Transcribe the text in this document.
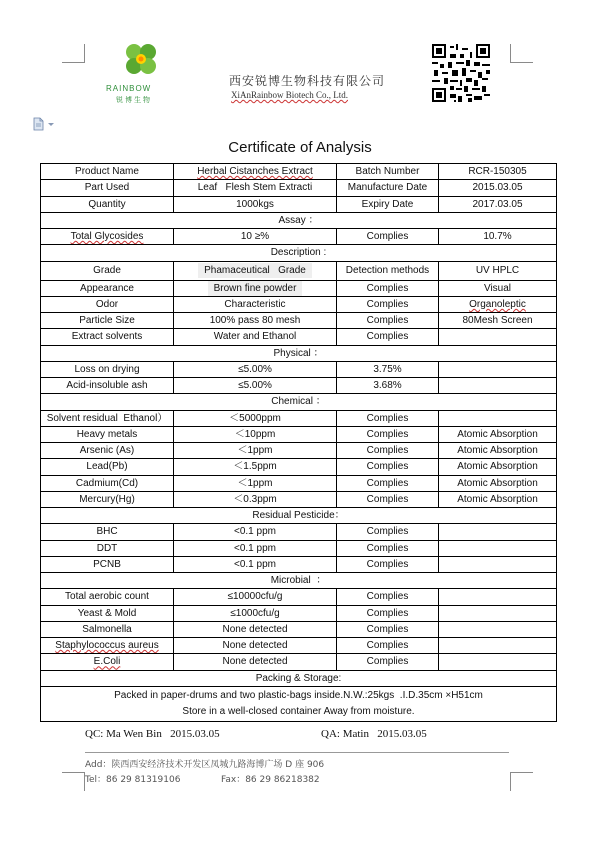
RAINBOW
锐博生物
西安锐博生物科技有限公司
XiAnRainbow Biotech Co., Ltd.
Certificate of Analysis
Product Name	Herbal Cistanches Extract	Batch Number	RCR-150305
Part Used	Leaf   Flesh Stem Extracti	Manufacture Date	2015.03.05
Quantity	1000kgs	Expiry Date	2017.03.05
Assay ：			
Total Glycosides	10 ≥%	Complies	10.7%
Description :			
Grade	Phamaceutical   Grade	Detection methods	UV HPLC
Appearance	Brown fine powder	Complies	Visual
Odor	Characteristic	Complies	Organoleptic
Particle Size	100% pass 80 mesh	Complies	80Mesh Screen
Extract solvents	Water and Ethanol	Complies	
Physical ：			
Loss on drying	≤5.00%	3.75%	
Acid-insoluble ash	≤5.00%	3.68%	
Chemical ：			
Solvent residual  Ethanol）	＜5000ppm	Complies	
Heavy metals	＜10ppm	Complies	Atomic Absorption
Arsenic (As)	＜1ppm	Complies	Atomic Absorption
Lead(Pb)	＜1.5ppm	Complies	Atomic Absorption
Cadmium(Cd)	＜1ppm	Complies	Atomic Absorption
Mercury(Hg)	＜0.3ppm	Complies	Atomic Absorption
Residual Pesticide：			
BHC	<0.1 ppm	Complies	
DDT	<0.1 ppm	Complies	
PCNB	<0.1 ppm	Complies	
Microbial  ：			
Total aerobic count	≤10000cfu/g	Complies	
Yeast & Mold	≤1000cfu/g	Complies	
Salmonella	None detected	Complies	
Staphylococcus aureus	None detected	Complies	
E.Coli	None detected	Complies	
Packing & Storage:			

Packed in paper-drums and two plastic-bags inside.N.W.:25kgs  .I.D.35cm ×H51cm
Store in a well-closed container Away from moisture.			
QC: Ma Wen Bin   2015.03.05	QA: Matin   2015.03.05
Add：陕西西安经济技术开发区凤城九路海博广场 D 座 906
Tel：86 29 81319106	Fax：86 29 86218382
